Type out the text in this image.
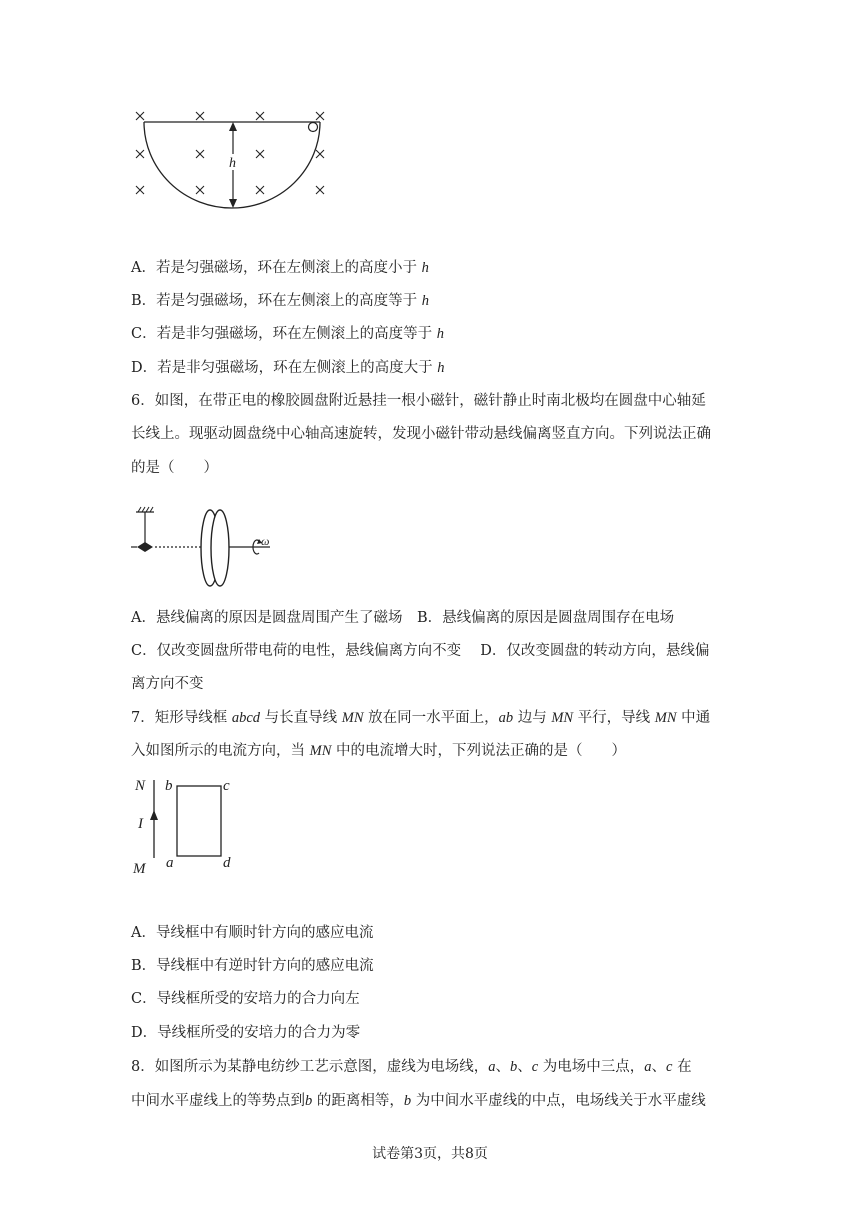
h
A．若是匀强磁场，环在左侧滚上的高度小于 h
B．若是匀强磁场，环在左侧滚上的高度等于 h
C．若是非匀强磁场，环在左侧滚上的高度等于 h
D．若是非匀强磁场，环在左侧滚上的高度大于 h
6．如图，在带正电的橡胶圆盘附近悬挂一根小磁针，磁针静止时南北极均在圆盘中心轴延
长线上。现驱动圆盘绕中心轴高速旋转，发现小磁针带动悬线偏离竖直方向。下列说法正确
的是（　　）
ω
A．悬线偏离的原因是圆盘周围产生了磁场　B．悬线偏离的原因是圆盘周围存在电场
C．仅改变圆盘所带电荷的电性，悬线偏离方向不变　 D．仅改变圆盘的转动方向，悬线偏
离方向不变
7．矩形导线框 abcd 与长直导线 MN 放在同一水平面上，ab 边与 MN 平行，导线 MN 中通
入如图所示的电流方向，当 MN 中的电流增大时，下列说法正确的是（　　）
N
I
M
b	c
a	d
A．导线框中有顺时针方向的感应电流
B．导线框中有逆时针方向的感应电流
C．导线框所受的安培力的合力向左
D．导线框所受的安培力的合力为零
8．如图所示为某静电纺纱工艺示意图，虚线为电场线，a、b、c 为电场中三点，a、c 在
中间水平虚线上的等势点到b 的距离相等，b 为中间水平虚线的中点，电场线关于水平虚线
试卷第3页，共8页
